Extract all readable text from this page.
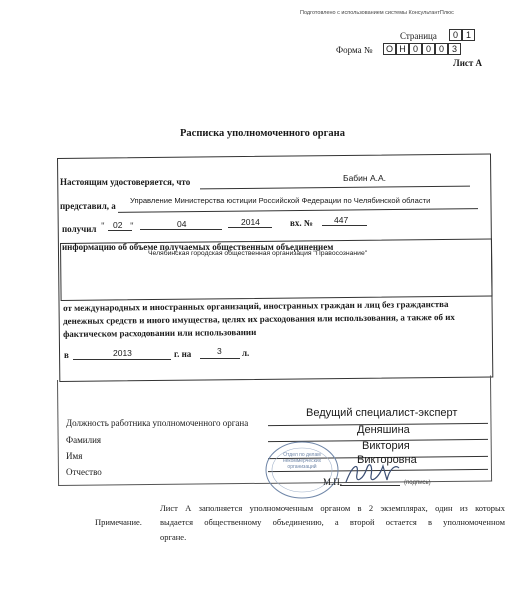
Подготовлено с использованием системы КонсультантПлюс
Страница	0 1
Форма №	О Н 0 0 0 3
Лист А
Расписка уполномоченного органа
Настоящим удостоверяется, что	Бабин А.А.
представил, а
Управление Министерства юстиции Российской Федерации по Челябинской области
получил " 02 "	04	2014	вх. № 447
информацию об объеме получаемых общественным объединением
Челябинская городская общественная организация "Правосознание"
от международных и иностранных организаций, иностранных граждан и лиц без гражданства
денежных средств и иного имущества, целях их расходования или использования, а также об их
фактическом расходовании или использовании
в	2013	г. на	3 л.
Должность работника уполномоченного органа
Ведущий специалист-эксперт
Фамилия
Деняшина
Имя
Виктория
Отчество
Викторовна
Отдел по делам некоммерческих организаций
М.П.	(подпись)
Примечание.
Лист А заполняется уполномоченным органом в 2 экземплярах, один из которых
выдается общественному объединению, а второй остается в уполномоченном
органе.
